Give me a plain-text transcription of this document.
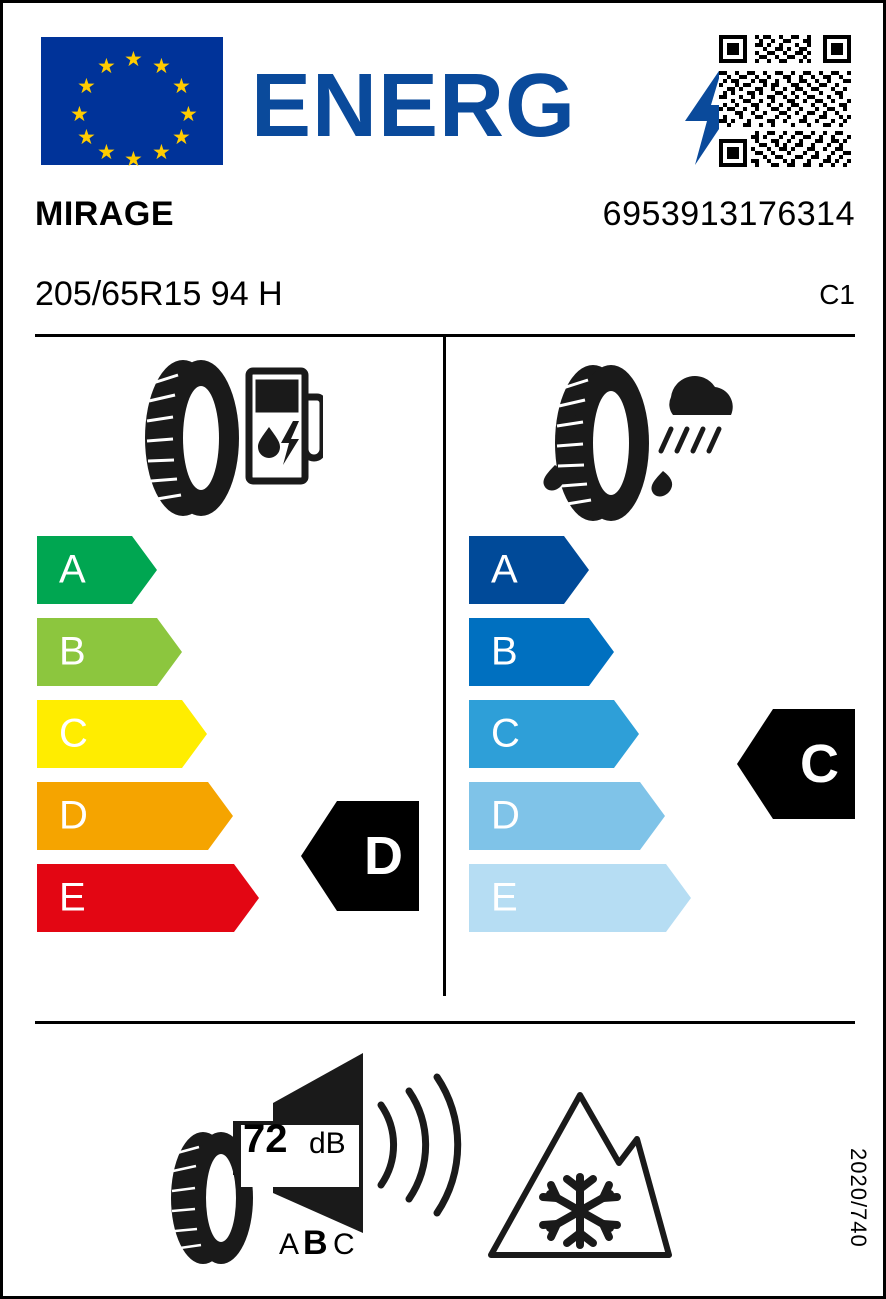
★ ★
★
★
★
★
★
★
★
★
★
★ ENERG
MIRAGE	6953913176314
205/65R15 94 H	C1
A
B
C
D
E
D
A
B
C
D
E
C
72 dB
A B C	2020/740
